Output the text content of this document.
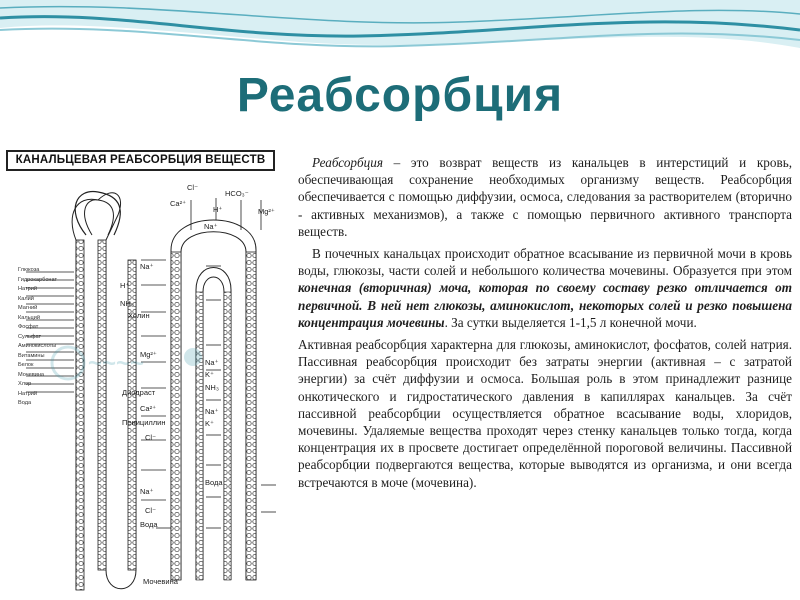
Реабсорбция
КАНАЛЬЦЕВАЯ РЕАБСОРБЦИЯ ВЕЩЕСТВ
Глюкоза
Гидрокарбонат
Натрий
Калий
Магний
Кальций
Фосфат
Сульфат
Аминокислоты
Витамины
Белок
Мочевина
Хлор
Натрий
Вода
Cl⁻
HCO₃⁻
Ca²⁺
H⁺	Mg²⁺
Na⁺
Na⁺
H⁺
NH₃
Холин
Mg²⁺
Na⁺
K⁺
NH₃
Диодраст
Ca²⁺
Пенициллин
Na⁺
K⁺
Cl⁻
Вода
Na⁺
Cl⁻
Вода
Мочевина
~~~~

Реабсорбция – это возврат веществ из канальцев в интерстиций и кровь, обеспечивающая сохранение необходимых организму веществ. Реабсорбция обеспечивается с помощью диффузии, осмоса, следования за растворителем (вторично - активных механизмов), а также с помощью первичного активного транспорта веществ.

В почечных канальцах происходит обратное всасывание из первичной мочи в кровь воды, глюкозы, части солей и небольшого количества мочевины. Образуется при этом конечная (вторичная) моча, которая по своему составу резко отличается от первичной. В ней нет глюкозы, аминокислот, некоторых солей и резко повышена концентрация мочевины. За сутки выделяется 1-1,5 л конечной мочи.

Активная реабсорбция характерна для глюкозы, аминокислот, фосфатов, солей натрия. Пассивная реабсорбция происходит без затраты энергии (активная – с затратой энергии) за счёт диффузии и осмоса. Большая роль в этом принадлежит разнице онкотического и гидростатического давления в капиллярах канальцев. За счёт пассивной реабсорбции осуществляется обратное всасывание воды, хлоридов, мочевины. Удаляемые вещества проходят через стенку канальцев только тогда, когда концентрация их в просвете достигает определённой пороговой величины. Пассивной реабсорбции подвергаются вещества, которые выводятся из организма, и они всегда встречаются в моче (мочевина).
